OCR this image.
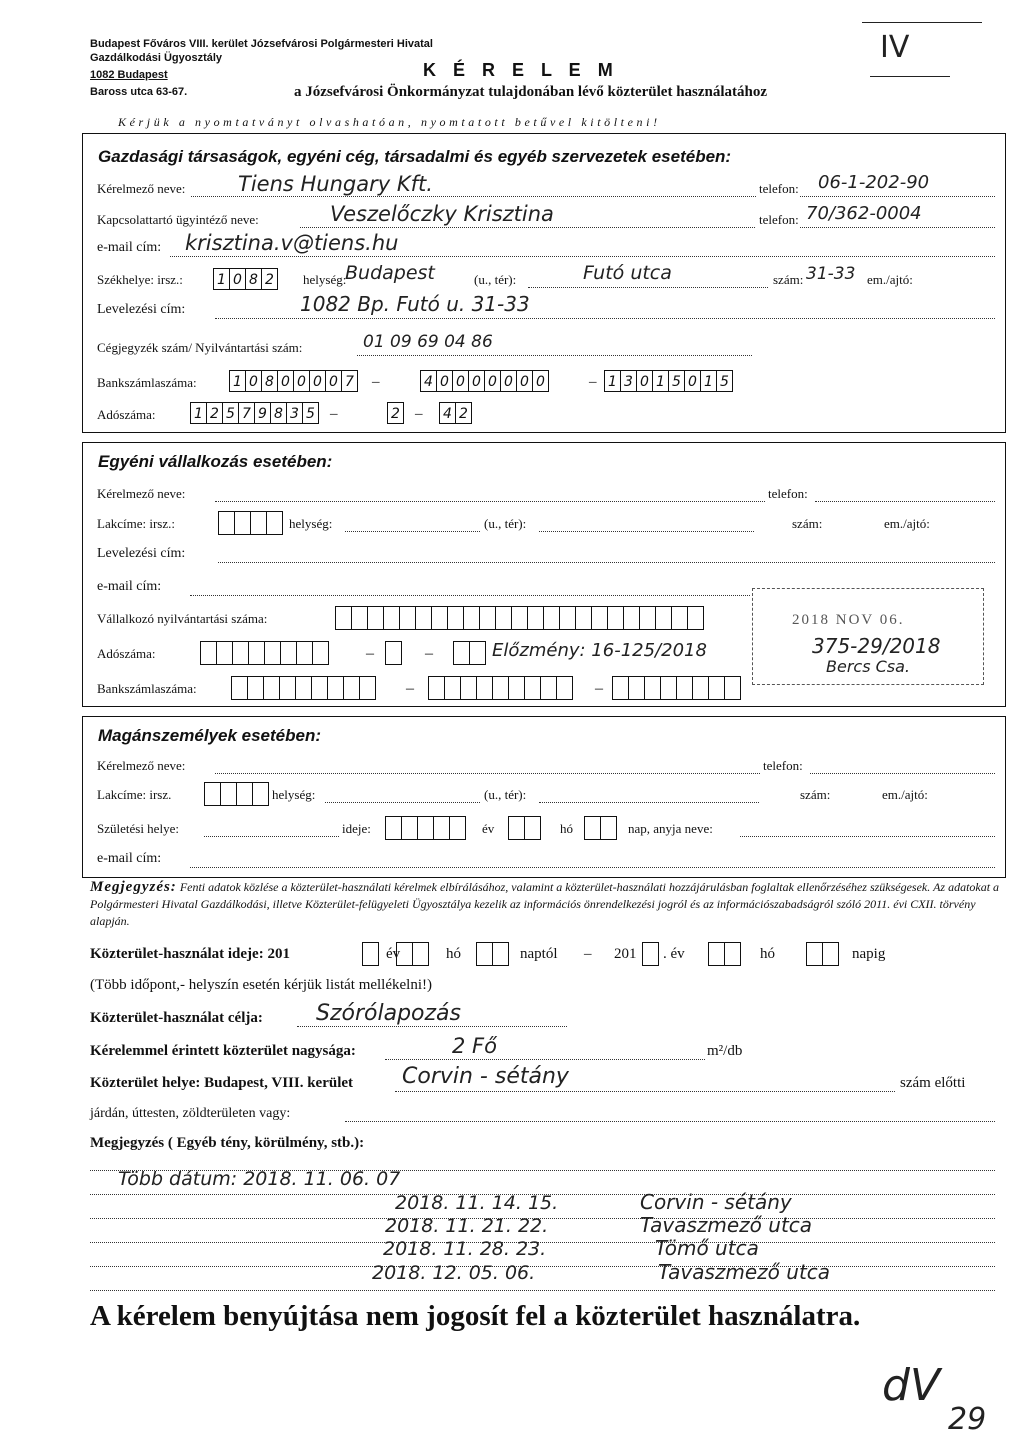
Budapest Főváros VIII. kerület Józsefvárosi Polgármesteri Hivatal
Gazdálkodási Ügyosztály
1082 Budapest
Baross utca 63-67.
K É R E L E M
a Józsefvárosi Önkormányzat tulajdonában lévő közterület használatához
IV
Kérjük a nyomtatványt olvashatóan, nyomtatott betűvel kitölteni!
Gazdasági társaságok, egyéni cég, társadalmi és egyéb szervezetek esetében:
Kérelmező neve:	Tiens Hungary Kft.	telefon: 06-1-202-90
Kapcsolattartó ügyintéző neve:	Veszelőczky Krisztina	telefon: 70/362-0004
e-mail cím: krisztina.v@tiens.hu
Székhelye: irsz.: 1 0 8 2	helység:
Budapest	(u., tér):	Futó utca	szám: 31-33 em./ajtó:
Levelezési cím:	1082 Bp. Futó u. 31-33
Cégjegyzék szám/ Nyilvántartási szám:	01 09 69 04 86
Bankszámlaszáma:	1 0 8 0 0 0 0 7 –	4 0 0 0 0 0 0 0	– 1 3 0 1 5 0 1 5
Adószáma:	1 2 5 7 9 8 3 5 –	2 – 4 2
Egyéni vállalkozás esetében:
Kérelmező neve:	telefon:
Lakcíme: irsz.:	helység:	(u., tér):	szám:	em./ajtó:
Levelezési cím:
e-mail cím:
Vállalkozó nyilvántartási száma:
Adószáma:	–	–	Előzmény: 16-125/2018
Bankszámlaszáma:	–	–
2018 NOV 06.
375-29/2018
Bercs Csa.
Magánszemélyek esetében:
Kérelmező neve:	telefon:
Lakcíme: irsz.	helység:	(u., tér):	szám:	em./ajtó:
Születési helye:	ideje:	év	hó	nap, anyja neve:
e-mail cím:
Megjegyzés: Fenti adatok közlése a közterület-használati kérelmek elbírálásához, valamint a közterület-használati hozzájárulásban foglaltak ellenőrzéséhez szükségesek. Az adatokat a Polgármesteri Hivatal Gazdálkodási, illetve Közterület-felügyeleti Ügyosztálya kezelik az információs önrendelkezési jogról és az információszabadságról szóló 2011. évi CXII. törvény alapján.
Közterület-használat ideje: 201	év	hó	naptól – 201 . év	hó	napig
(Több időpont,- helyszín esetén kérjük listát mellékelni!)
Közterület-használat célja: Szórólapozás
Kérelemmel érintett közterület nagysága:	2 Fő	m²/db
Közterület helye: Budapest, VIII. kerület Corvin - sétány	szám előtti
járdán, úttesten, zöldterületen vagy:
Megjegyzés ( Egyéb tény, körülmény, stb.):
Több dátum: 2018. 11. 06. 07
2018. 11. 14. 15.	Corvin - sétány
2018. 11. 21. 22.	Tavaszmező utca
2018. 11. 28. 23.	Tömő utca
2018. 12. 05. 06.	Tavaszmező utca
A kérelem benyújtása nem jogosít fel a közterület használatra.
dV
29
